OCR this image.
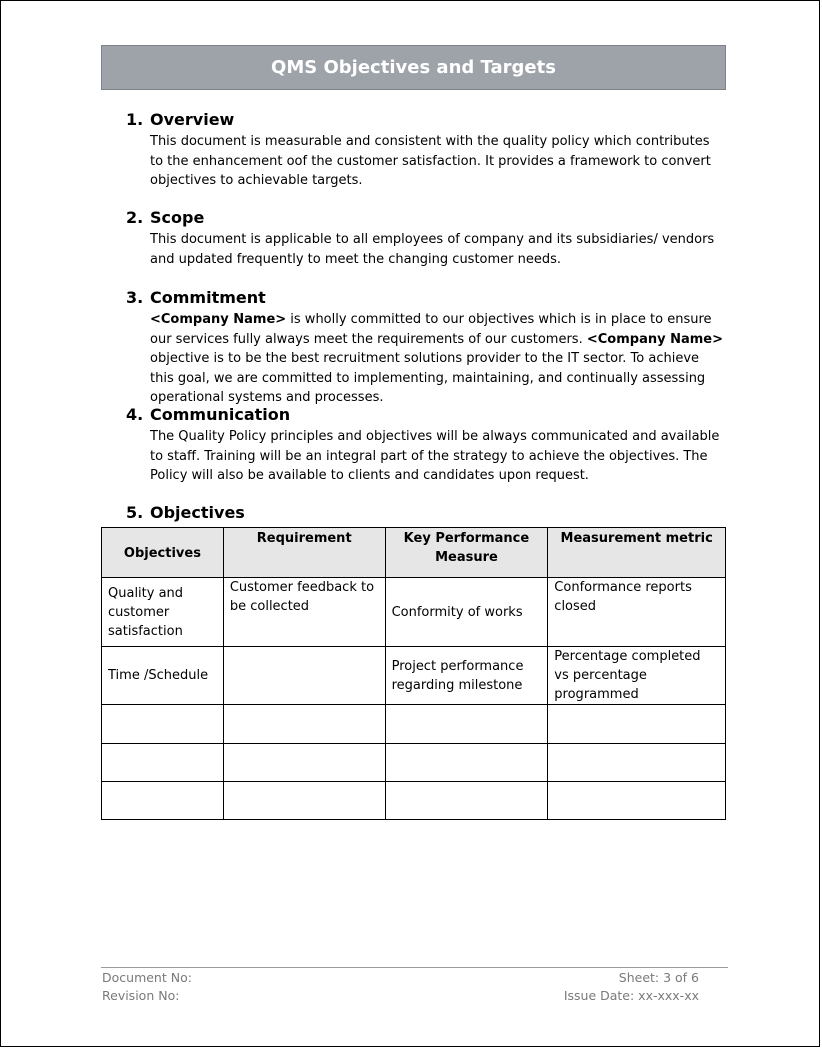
QMS Objectives and Targets
1. Overview
This document is measurable and consistent with the quality policy which contributes to the enhancement oof the customer satisfaction. It provides a framework to convert objectives to achievable targets.
2. Scope
This document is applicable to all employees of company and its subsidiaries/ vendors and updated frequently to meet the changing customer needs.
3. Commitment
<Company Name> is wholly committed to our objectives which is in place to ensure our services fully always meet the requirements of our customers. <Company Name> objective is to be the best recruitment solutions provider to the IT sector. To achieve this goal, we are committed to implementing, maintaining, and continually assessing operational systems and processes.
4. Communication
The Quality Policy principles and objectives will be always communicated and available to staff. Training will be an integral part of the strategy to achieve the objectives. The Policy will also be available to clients and candidates upon request.
5. Objectives
Objectives	Requirement	Key Performance Measure	Measurement metric
Quality and customer satisfaction	Customer feedback to be collected	Conformity of works	Conformance reports closed
Time /Schedule		Project performance regarding milestone	Percentage completed vs percentage programmed

Document No:
Revision No:
Sheet: 3 of 6
Issue Date: xx-xxx-xx
